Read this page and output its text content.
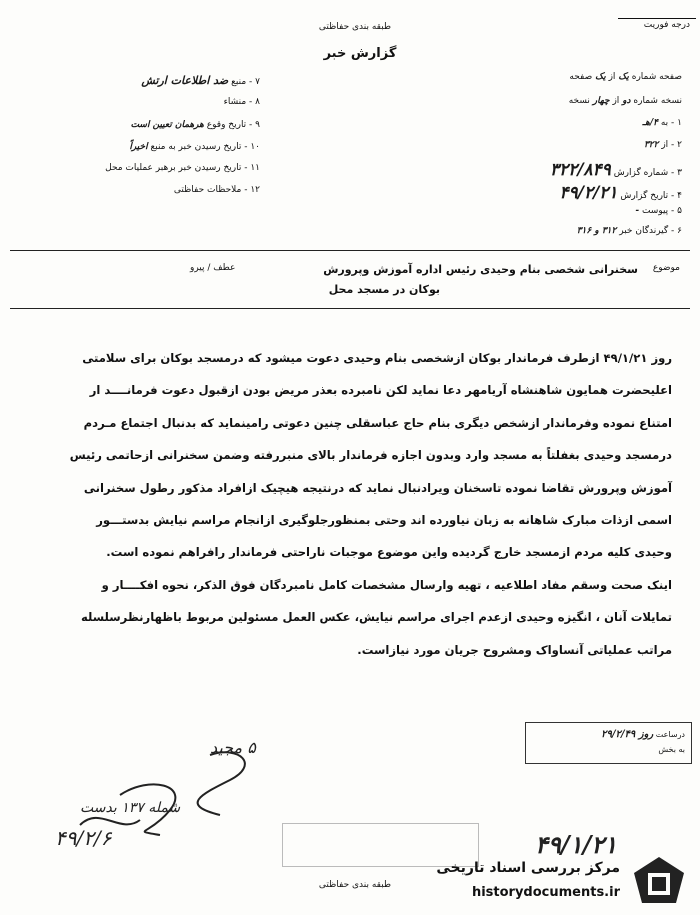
طبقه بندی حفاظتی
گزارش خبر
درجه فوریت
صفحه شماره یک از یک صفحه
نسخه شماره دو از چهار نسخه
۱ - به ۴/هـ
۲ - از ۳۲۲
۳ - شماره گزارش ۳۲۲/۸۴۹
۴ - تاریخ گزارش ۴۹/۲/۲۱
۵ - پیوست -
۶ - گیرندگان خبر ۳۱۲ و ۳۱۶
۷ - منبع ضد اطلاعات ارتش
۸ - منشاء
۹ - تاریخ وقوع هرهمان تعیین است
۱۰ - تاریخ رسیدن خبر به منبع اخیراً
۱۱ - تاریخ رسیدن خبر برهبر عملیات محل
۱۲ - ملاحظات حفاظتی
موضوع
سخنرانی شخصی بنام وحیدی رئیس اداره آموزش وپرورش
بوکان در مسجد محل
عطف / پیرو

روز ۴۹/۱/۲۱ ازطرف فرماندار بوکان ازشخصی بنام وحیدی دعوت میشود که درمسجد بوکان برای سلامتی

اعلیحضرت همایون شاهنشاه آریامهر دعا نماید لکن نامبرده بعذر مریض بودن ازقبول دعوت فرمانــــد ار

امتناع نموده وفرماندار ازشخص دیگری بنام حاج عباسقلی چنین دعوتی رامینماید که بدنبال اجتماع مـردم

درمسجد وحیدی بغفلتاً به مسجد وارد وبدون اجازه فرماندار بالای منبررفته وضمن سخنرانی ازحاتمی رئیس

آموزش وپرورش تقاضا نموده تاسخنان ویرادنبال نماید که درنتیجه هیچیک ازافراد مذکور رطول سخنرانی

اسمی ازذات مبارک شاهانه به زبان نیاورده اند وحتی بمنظورجلوگیری ازانجام مراسم نیایش بدستـــور

وحیدی کلیه مردم ازمسجد خارج گردیده واین موضوع موجبات ناراحتی فرماندار رافراهم نموده است.

اینک صحت وسقم مفاد اطلاعیه ، تهیه وارسال مشخصات کامل نامبردگان فوق الذکر، نحوه افکــــار و

تمایلات آنان ، انگیزه وحیدی ازعدم اجرای مراسم نیایش، عکس العمل مسئولین مربوط باظهارنظرسلسله

مراتب عملیاتی آنساواک ومشروح جریان مورد نیازاست.

درساعت روز ۲۹/۲/۴۹
به بخش
۵ مجید
شمله ۱۳۷ بدست
۴۹/۲/۶	۴۹/۱/۲۱
طبقه بندی حفاظتی
مرکز بررسی اسناد تاریخی
historydocuments.ir
